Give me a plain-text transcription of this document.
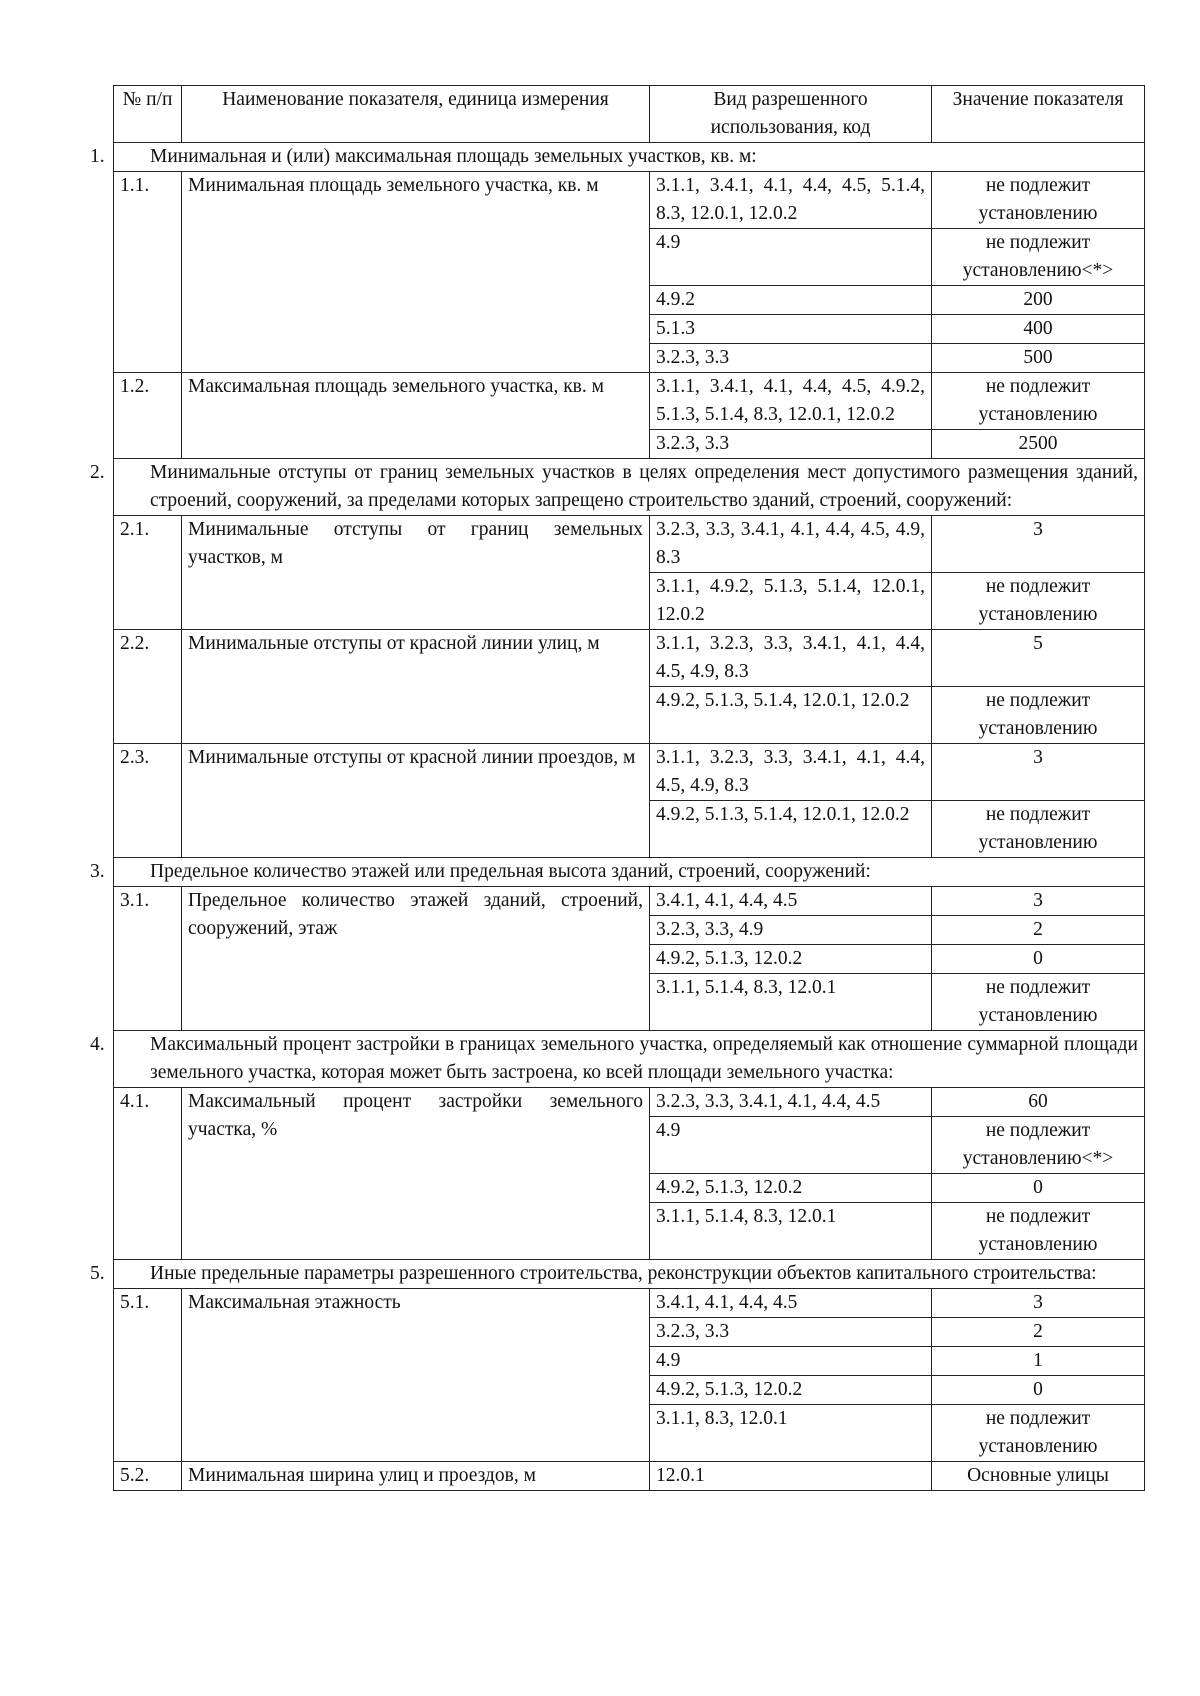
№ п/п	Наименование показателя, единица измерения	Вид разрешенного использования, код	Значение показателя

1. Минимальная и (или) максимальная площадь земельных участков, кв. м:			

1.1.	Минимальная площадь земельного участка, кв. м	3.1.1, 3.4.1, 4.1, 4.4, 4.5, 5.1.4, 8.3, 12.0.1, 12.0.2	не подлежит установлению
		4.9	не подлежит установлению<*>
		4.9.2	200
		5.1.3	400
		3.2.3, 3.3	500
1.2.	Максимальная площадь земельного участка, кв. м	3.1.1, 3.4.1, 4.1, 4.4, 4.5, 4.9.2, 5.1.3, 5.1.4, 8.3, 12.0.1, 12.0.2	не подлежит установлению
		3.2.3, 3.3	2500

2. Минимальные отступы от границ земельных участков в целях определения мест допустимого размещения зданий, строений, сооружений, за пределами которых запрещено строительство зданий, строений, сооружений:			

2.1.	Минимальные отступы от границ земельных участков, м	3.2.3, 3.3, 3.4.1, 4.1, 4.4, 4.5, 4.9, 8.3	3
		3.1.1, 4.9.2, 5.1.3, 5.1.4, 12.0.1, 12.0.2	не подлежит установлению
2.2.	Минимальные отступы от красной линии улиц, м	3.1.1, 3.2.3, 3.3, 3.4.1, 4.1, 4.4, 4.5, 4.9, 8.3	5
		4.9.2, 5.1.3, 5.1.4, 12.0.1, 12.0.2	не подлежит установлению
2.3.	Минимальные отступы от красной линии проездов, м	3.1.1, 3.2.3, 3.3, 3.4.1, 4.1, 4.4, 4.5, 4.9, 8.3	3
		4.9.2, 5.1.3, 5.1.4, 12.0.1, 12.0.2	не подлежит установлению

3. Предельное количество этажей или предельная высота зданий, строений, сооружений:			

3.1.	Предельное количество этажей зданий, строений, сооружений, этаж	3.4.1, 4.1, 4.4, 4.5	3
		3.2.3, 3.3, 4.9	2
		4.9.2, 5.1.3, 12.0.2	0
		3.1.1, 5.1.4, 8.3, 12.0.1	не подлежит установлению

4. Максимальный процент застройки в границах земельного участка, определяемый как отношение суммарной площади земельного участка, которая может быть застроена, ко всей площади земельного участка:			

4.1.	Максимальный процент застройки земельного участка, %	3.2.3, 3.3, 3.4.1, 4.1, 4.4, 4.5	60
		4.9	не подлежит установлению<*>
		4.9.2, 5.1.3, 12.0.2	0
		3.1.1, 5.1.4, 8.3, 12.0.1	не подлежит установлению

5. Иные предельные параметры разрешенного строительства, реконструкции объектов капитального строительства:			

5.1.	Максимальная этажность	3.4.1, 4.1, 4.4, 4.5	3
		3.2.3, 3.3	2
		4.9	1
		4.9.2, 5.1.3, 12.0.2	0
		3.1.1, 8.3, 12.0.1	не подлежит установлению
5.2.	Минимальная ширина улиц и проездов, м	12.0.1	Основные улицы
